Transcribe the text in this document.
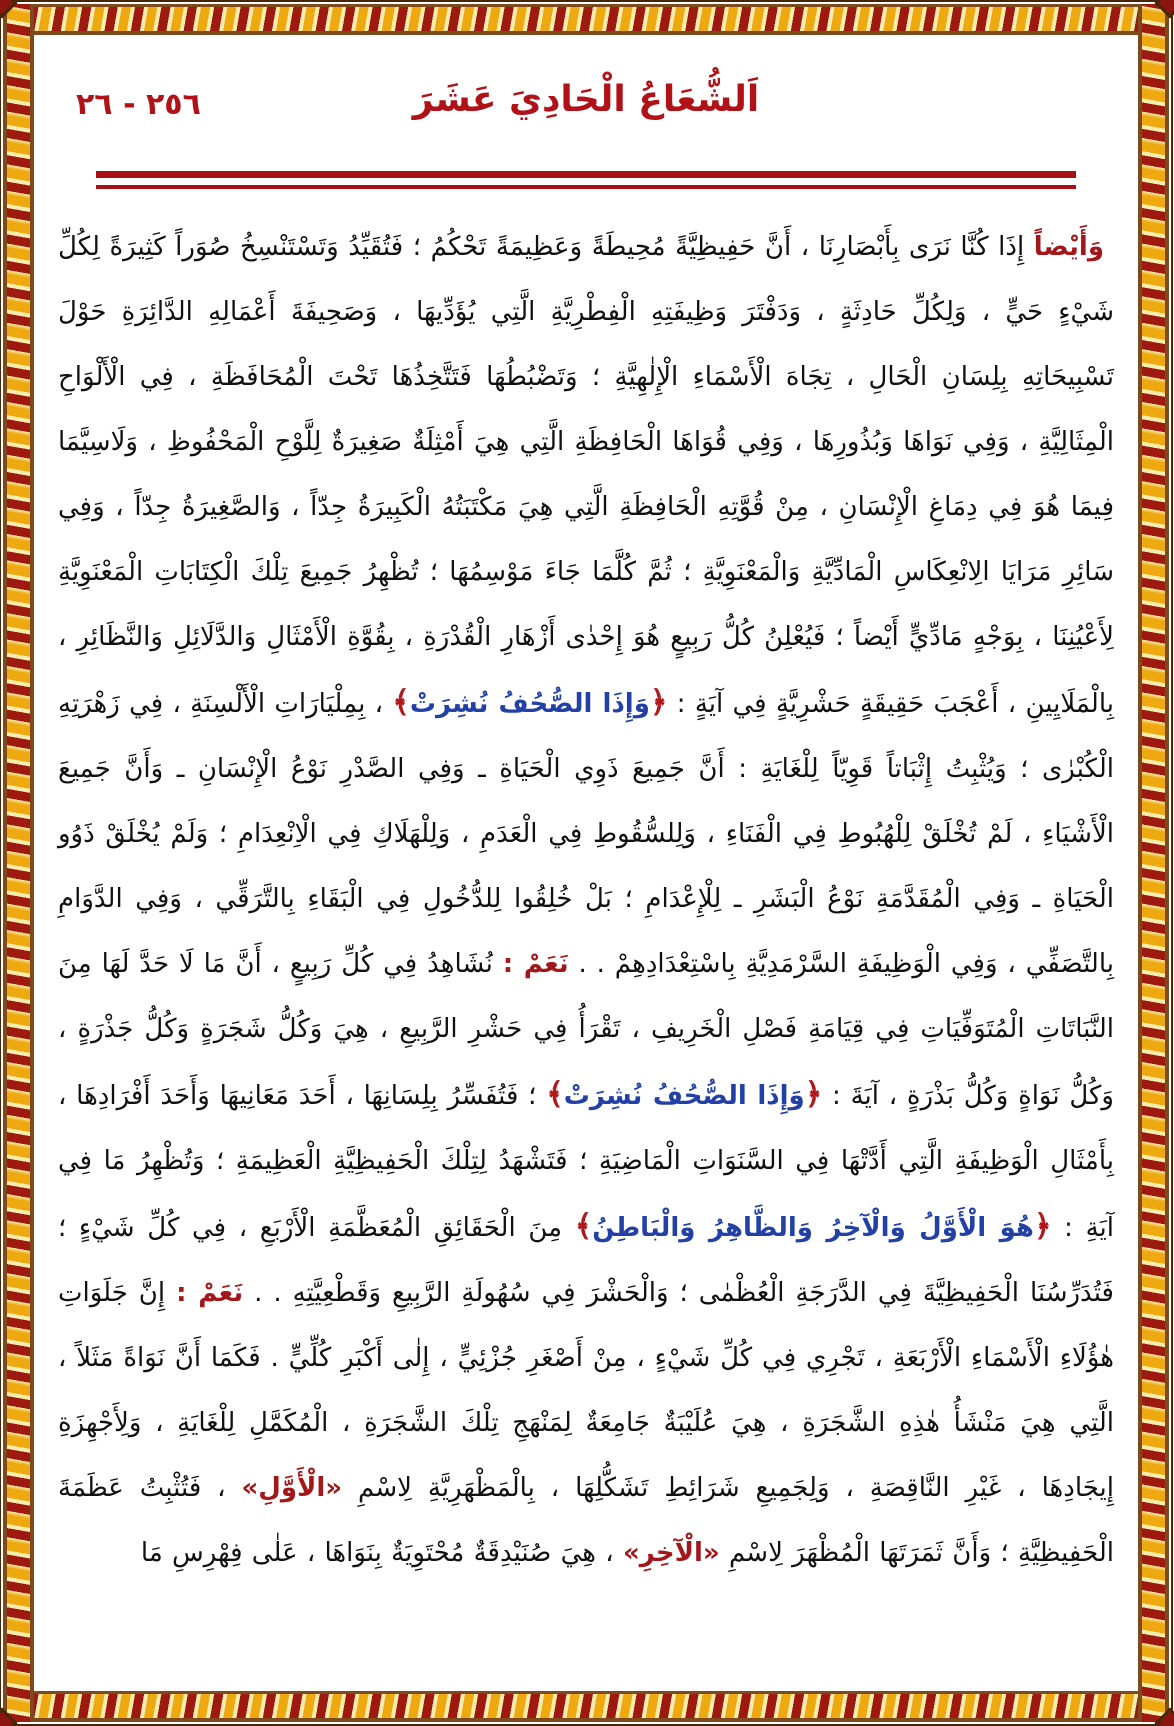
٢٥٦ - ٢٦	اَلشُّعَاعُ الْحَادِيَ عَشَرَ

وَأَيْضاً إِذَا كُنَّا نَرَى بِأَبْصَارِنَا ، أَنَّ حَفِيظِيَّةً مُحِيطَةً وَعَظِيمَةً تَحْكُمُ ؛ فَتُقَيِّدُ وَتَسْتَنْسِخُ صُوَراً كَثِيرَةً لِكُلِّ شَيْءٍ حَيٍّ ، وَلِكُلِّ حَادِثَةٍ ، وَدَفْتَرَ وَظِيفَتِهِ الْفِطْرِيَّةِ الَّتِي يُؤَدِّيهَا ، وَصَحِيفَةَ أَعْمَالِهِ الدَّائِرَةِ حَوْلَ تَسْبِيحَاتِهِ بِلِسَانِ الْحَالِ ، تِجَاهَ الْأَسْمَاءِ الْإِلٰهِيَّةِ ؛ وَتَضْبُطُهَا فَتَتَّخِذُهَا تَحْتَ الْمُحَافَظَةِ ، فِي الْأَلْوَاحِ الْمِثَالِيَّةِ ، وَفِي نَوَاهَا وَبُذُورِهَا ، وَفِي قُوَاهَا الْحَافِظَةِ الَّتِي هِيَ أَمْثِلَةٌ صَغِيرَةٌ لِلَّوْحِ الْمَحْفُوظِ ، وَلَاسِيَّمَا فِيمَا هُوَ فِي دِمَاغِ الْإِنْسَانِ ، مِنْ قُوَّتِهِ الْحَافِظَةِ الَّتِي هِيَ مَكْتَبَتُهُ الْكَبِيرَةُ جِدّاً ، وَالصَّغِيرَةُ جِدّاً ، وَفِي سَائِرِ مَرَايَا الِانْعِكَاسِ الْمَادِّيَّةِ وَالْمَعْنَوِيَّةِ ؛ ثُمَّ كُلَّمَا جَاءَ مَوْسِمُهَا ؛ تُظْهِرُ جَمِيعَ تِلْكَ الْكِتَابَاتِ الْمَعْنَوِيَّةِ لِأَعْيُنِنَا ، بِوَجْهٍ مَادِّيٍّ أَيْضاً ؛ فَيُعْلِنُ كُلُّ رَبِيعٍ هُوَ إِحْدٰى أَزْهَارِ الْقُدْرَةِ ، بِقُوَّةِ الْأَمْثَالِ وَالدَّلَائِلِ وَالنَّظَائِرِ ، بِالْمَلَايِينِ ، أَعْجَبَ حَقِيقَةٍ حَشْرِيَّةٍ فِي آيَةٍ : ﴿وَإِذَا الصُّحُفُ نُشِرَتْ﴾ ، بِمِلْيَارَاتِ الْأَلْسِنَةِ ، فِي زَهْرَتِهِ الْكُبْرٰى ؛ وَيُثْبِتُ إِثْبَاتاً قَوِيّاً لِلْغَايَةِ : أَنَّ جَمِيعَ ذَوِي الْحَيَاةِ ـ وَفِي الصَّدْرِ نَوْعُ الْإِنْسَانِ ـ وَأَنَّ جَمِيعَ الْأَشْيَاءِ ، لَمْ تُخْلَقْ لِلْهُبُوطِ فِي الْفَنَاءِ ، وَلِلسُّقُوطِ فِي الْعَدَمِ ، وَلِلْهَلَاكِ فِي الْاِنْعِدَامِ ؛ وَلَمْ يُخْلَقْ ذَوُو الْحَيَاةِ ـ وَفِي الْمُقَدَّمَةِ نَوْعُ الْبَشَرِ ـ لِلْإِعْدَامِ ؛ بَلْ خُلِقُوا لِلدُّخُولِ فِي الْبَقَاءِ بِالتَّرَقِّي ، وَفِي الدَّوَامِ بِالتَّصَفِّي ، وَفِي الْوَظِيفَةِ السَّرْمَدِيَّةِ بِاسْتِعْدَادِهِمْ . . نَعَمْ : نُشَاهِدُ فِي كُلِّ رَبِيعٍ ، أَنَّ مَا لَا حَدَّ لَهَا مِنَ النَّبَاتَاتِ الْمُتَوَفِّيَاتِ فِي قِيَامَةِ فَصْلِ الْخَرِيفِ ، تَقْرَأُ فِي حَشْرِ الرَّبِيعِ ، هِيَ وَكُلُّ شَجَرَةٍ وَكُلُّ جَذْرَةٍ ، وَكُلُّ نَوَاةٍ وَكُلُّ بَذْرَةٍ ، آيَةَ : ﴿وَإِذَا الصُّحُفُ نُشِرَتْ﴾ ؛ فَتُفَسِّرُ بِلِسَانِهَا ، أَحَدَ مَعَانِيهَا وَأَحَدَ أَفْرَادِهَا ، بِأَمْثَالِ الْوَظِيفَةِ الَّتِي أَدَّتْهَا فِي السَّنَوَاتِ الْمَاضِيَةِ ؛ فَتَشْهَدُ لِتِلْكَ الْحَفِيظِيَّةِ الْعَظِيمَةِ ؛ وَتُظْهِرُ مَا فِي آيَةِ : ﴿هُوَ الْأَوَّلُ وَالْآخِرُ وَالظَّاهِرُ وَالْبَاطِنُ﴾ مِنَ الْحَقَائِقِ الْمُعَظَّمَةِ الْأَرْبَعِ ، فِي كُلِّ شَيْءٍ ؛ فَتُدَرِّسُنَا الْحَفِيظِيَّةَ فِي الدَّرَجَةِ الْعُظْمٰى ؛ وَالْحَشْرَ فِي سُهُولَةِ الرَّبِيعِ وَقَطْعِيَّتِهِ . . نَعَمْ : إِنَّ جَلَوَاتِ هٰؤُلَاءِ الْأَسْمَاءِ الْأَرْبَعَةِ ، تَجْرِي فِي كُلِّ شَيْءٍ ، مِنْ أَصْغَرِ جُزْئِيٍّ ، إِلٰى أَكْبَرِ كُلِّيٍّ . فَكَمَا أَنَّ نَوَاةً مَثَلاً ، الَّتِي هِيَ مَنْشَأُ هٰذِهِ الشَّجَرَةِ ، هِيَ عُلَيْبَةٌ جَامِعَةٌ لِمَنْهَجِ تِلْكَ الشَّجَرَةِ ، الْمُكَمَّلِ لِلْغَايَةِ ، وَلِأَجْهِزَةِ إِيجَادِهَا ، غَيْرِ النَّاقِصَةِ ، وَلِجَمِيعِ شَرَائِطِ تَشَكُّلِهَا ، بِالْمَظْهَرِيَّةِ لِاسْمِ «الْأَوَّلِ» ، فَتُثْبِتُ عَظَمَةَ الْحَفِيظِيَّةِ ؛ وَأَنَّ ثَمَرَتَهَا الْمُظْهَرَ لِاسْمِ «الْآخِرِ» ، هِيَ صُنَيْدِقَةٌ مُحْتَوِيَةٌ بِنَوَاهَا ، عَلٰى فِهْرِسِ مَا
